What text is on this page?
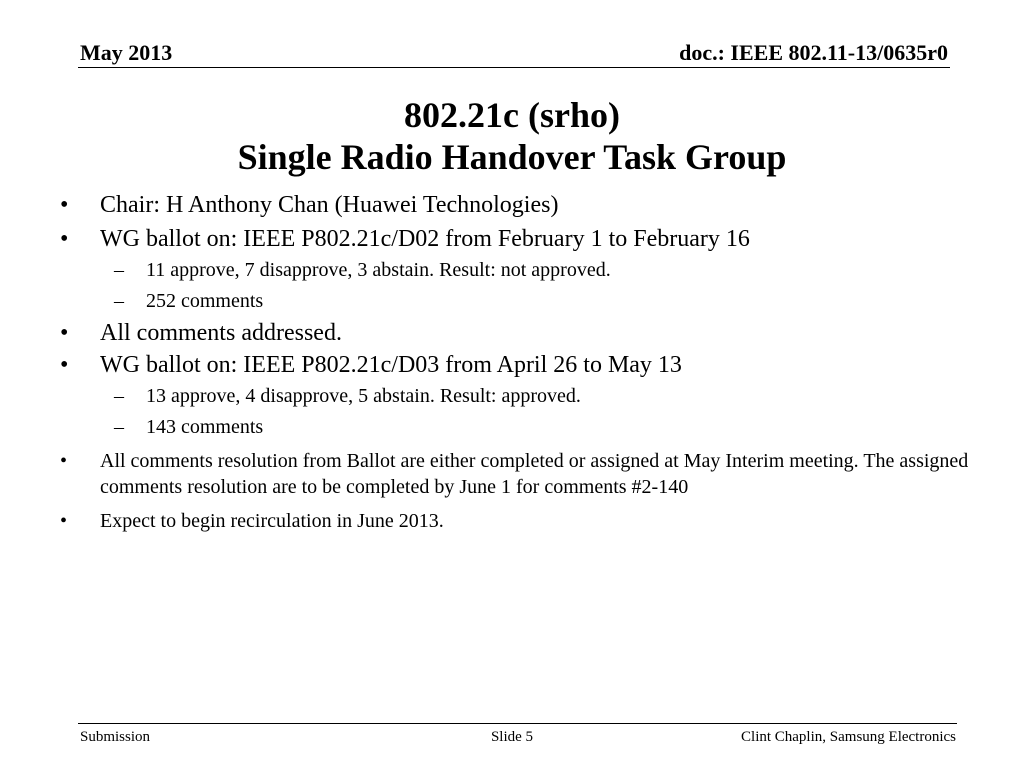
May 2013	doc.: IEEE 802.11-13/0635r0
802.21c (srho)
Single Radio Handover Task Group
•	Chair: H Anthony Chan (Huawei Technologies)
•	WG ballot on: IEEE P802.21c/D02 from February 1 to February 16
– 11 approve, 7 disapprove, 3 abstain. Result: not approved.
– 252 comments
•	All comments addressed.
•	WG ballot on: IEEE P802.21c/D03 from April 26 to May 13
– 13 approve, 4 disapprove, 5 abstain. Result: approved.
– 143 comments
• All comments resolution from Ballot are either completed or assigned at May Interim meeting. The assigned comments resolution are to be completed by June 1 for comments #2-140
• Expect to begin recirculation in June 2013.
Submission	Slide 5	Clint Chaplin, Samsung Electronics
